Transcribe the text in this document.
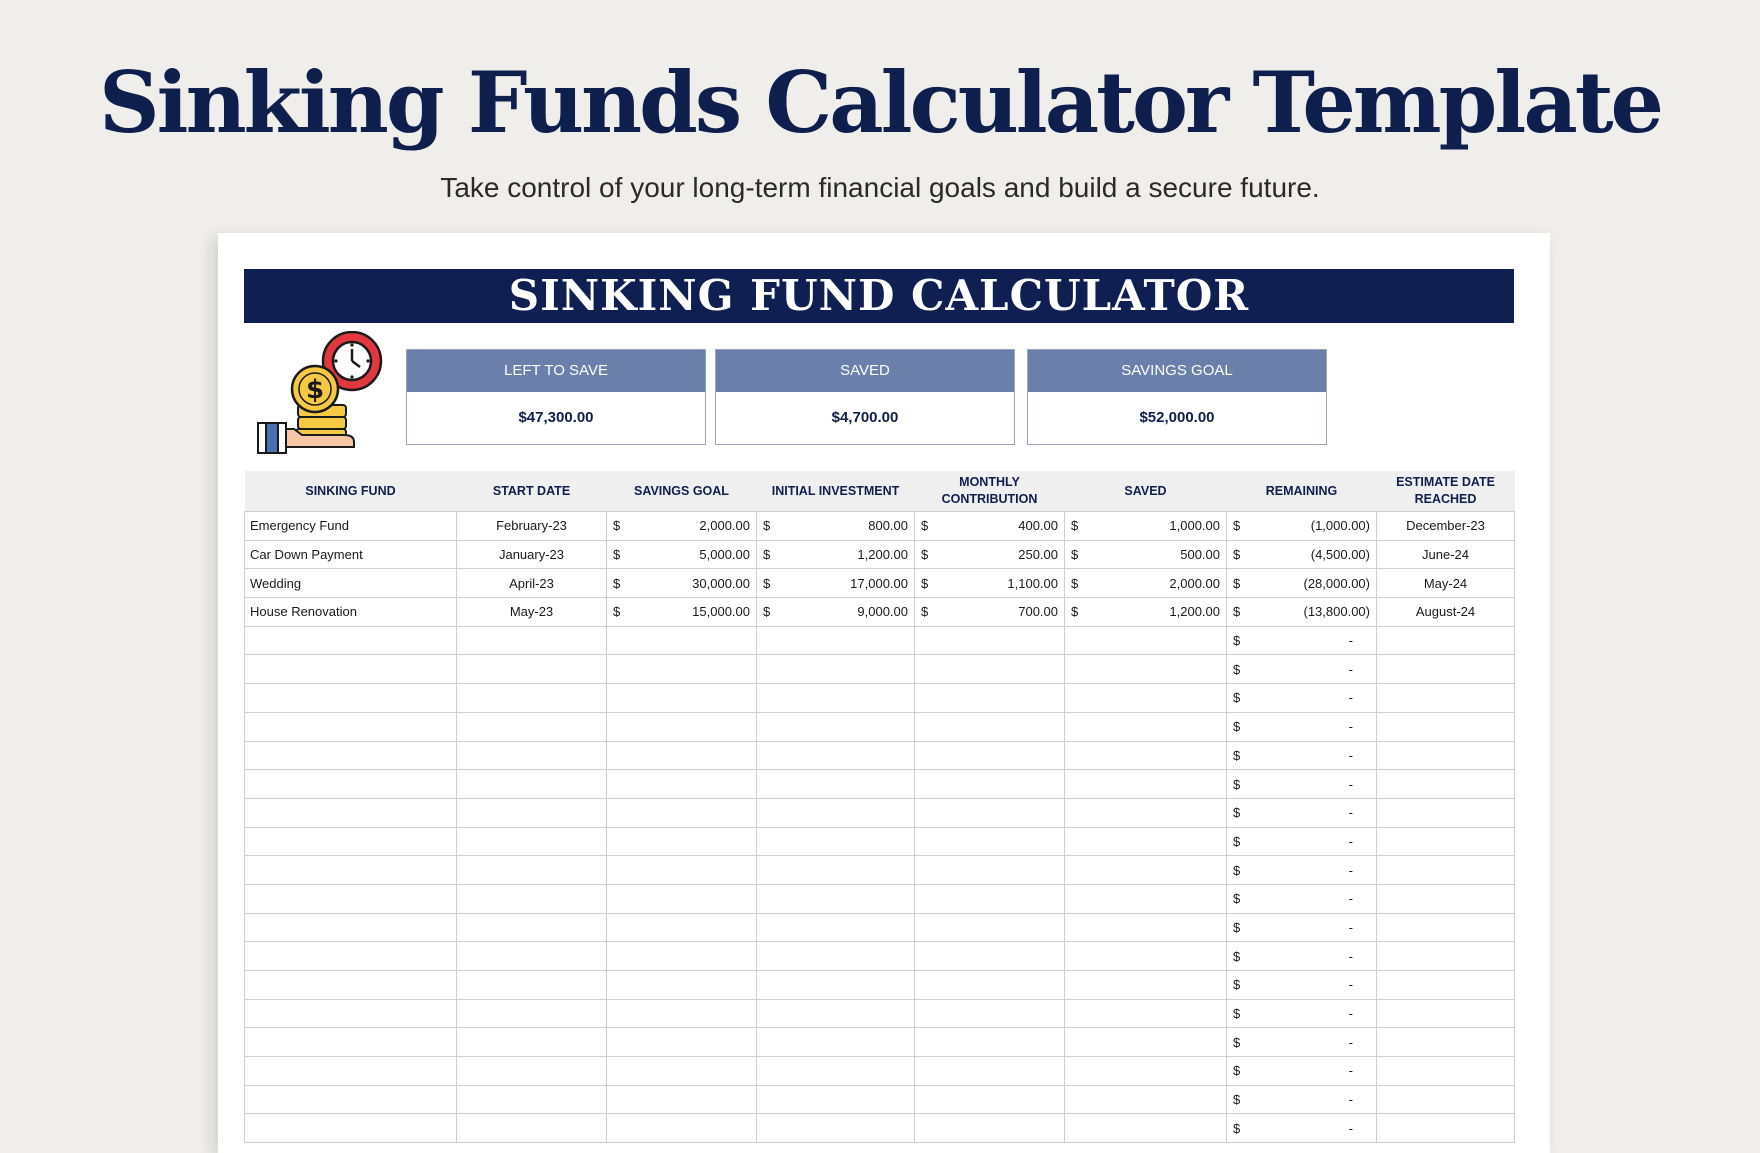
Sinking Funds Calculator Template
Take control of your long-term financial goals and build a secure future.
SINKING FUND CALCULATOR
$
LEFT TO SAVE
$47,300.00
SAVED
$4,700.00
SAVINGS GOAL
$52,000.00
SINKING FUND	START DATE	SAVINGS GOAL	INITIAL INVESTMENT	MONTHLY CONTRIBUTION	SAVED	REMAINING	ESTIMATE DATE REACHED
Emergency Fund	February-23	$ 2,000.00	$ 800.00	$ 400.00	$ 1,000.00	$ (1,000.00)	December-23
Car Down Payment	January-23	$ 5,000.00	$ 1,200.00	$ 250.00	$ 500.00	$ (4,500.00)	June-24
Wedding	April-23	$ 30,000.00	$ 17,000.00	$ 1,100.00	$ 2,000.00	$ (28,000.00)	May-24
House Renovation	May-23	$ 15,000.00	$ 9,000.00	$ 700.00	$ 1,200.00	$ (13,800.00)	August-24

						$ -	

						$ -	

						$ -	

						$ -	

						$ -	

						$ -	

						$ -	

						$ -	

						$ -	

						$ -	

						$ -	

						$ -	

						$ -	

						$ -	

						$ -	

						$ -	

						$ -	

						$ -	
